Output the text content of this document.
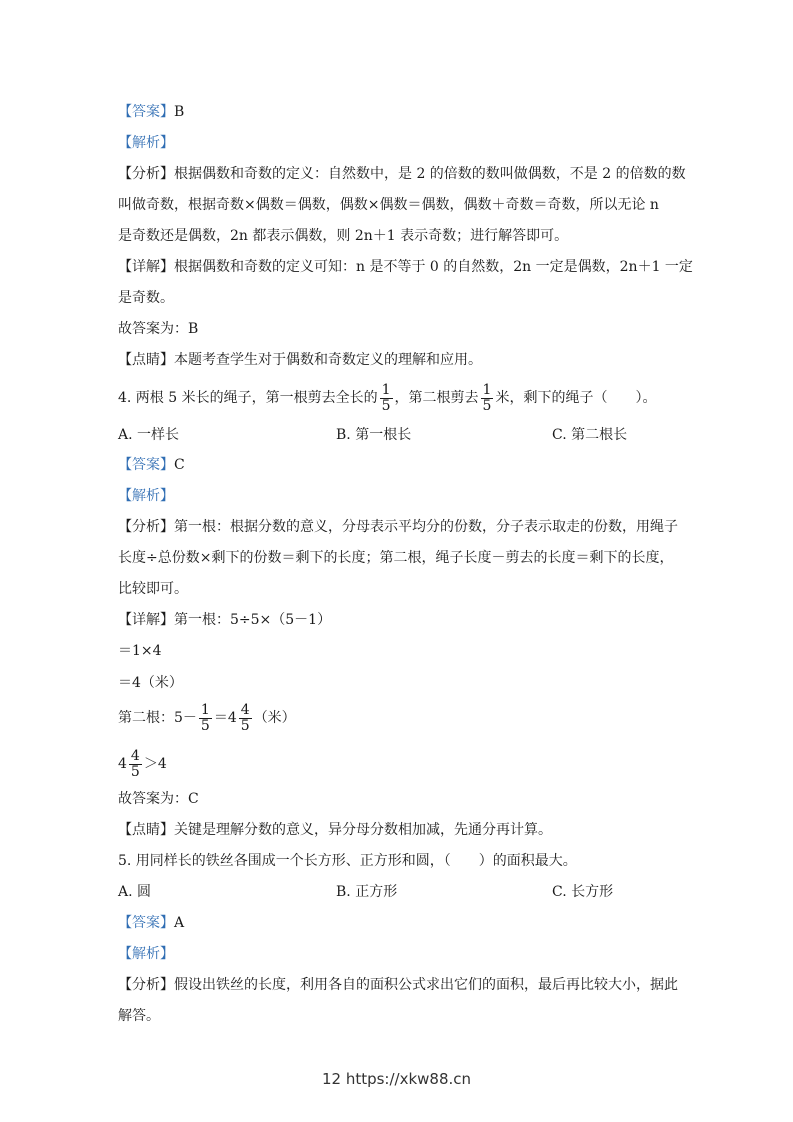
【答案】B
【解析】
【分析】根据偶数和奇数的定义：自然数中，是 2 的倍数的数叫做偶数，不是 2 的倍数的数
叫做奇数，根据奇数×偶数＝偶数，偶数×偶数＝偶数，偶数＋奇数＝奇数，所以无论 n
是奇数还是偶数，2n 都表示偶数，则 2n＋1 表示奇数；进行解答即可。
【详解】根据偶数和奇数的定义可知：n 是不等于 0 的自然数，2n 一定是偶数，2n＋1 一定
是奇数。
故答案为：B
【点睛】本题考查学生对于偶数和奇数定义的理解和应用。
4. 两根 5 米长的绳子，第一根剪去全长的 $\frac{1}{5}$ ，第二根剪去 $\frac{1}{5}$ 米，剩下的绳子（　　）。
A. 一样长	B. 第一根长	C. 第二根长
【答案】C
【解析】
【分析】第一根：根据分数的意义，分母表示平均分的份数，分子表示取走的份数，用绳子
长度÷总份数×剩下的份数＝剩下的长度；第二根，绳子长度－剪去的长度＝剩下的长度，
比较即可。
【详解】第一根：5÷5×（5－1）
＝1×4
＝4（米）
第二根：$5- \frac{1}{5} =4 \frac{4}{5}$ （米）
$4 \frac{4}{5} >4$
故答案为：C
【点睛】关键是理解分数的意义，异分母分数相加减，先通分再计算。
5. 用同样长的铁丝各围成一个长方形、正方形和圆，（　　）的面积最大。
A. 圆	B. 正方形	C. 长方形
【答案】A
【解析】
【分析】假设出铁丝的长度，利用各自的面积公式求出它们的面积，最后再比较大小，据此
解答。
12 https://xkw88.cn
